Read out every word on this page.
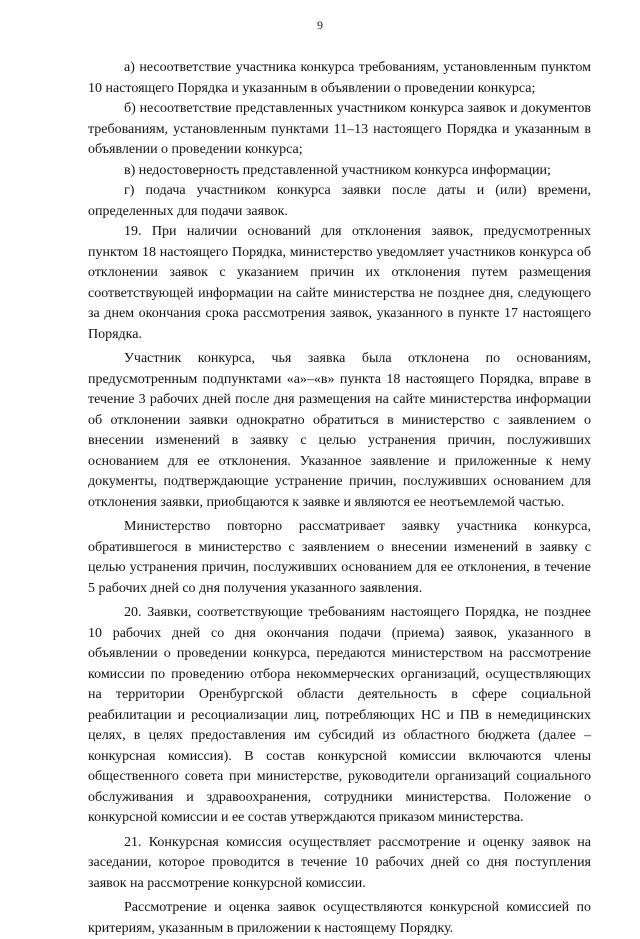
9

а) несоответствие участника конкурса требованиям, установленным пунктом 10 настоящего Порядка и указанным в объявлении о проведении конкурса;

б) несоответствие представленных участником конкурса заявок и документов требованиям, установленным пунктами 11–13 настоящего Порядка и указанным в объявлении о проведении конкурса;

в) недостоверность представленной участником конкурса информации;

г) подача участником конкурса заявки после даты и (или) времени, определенных для подачи заявок.

19. При наличии оснований для отклонения заявок, предусмотренных пунктом 18 настоящего Порядка, министерство уведомляет участников конкурса об отклонении заявок с указанием причин их отклонения путем размещения соответствующей информации на сайте министерства не позднее дня, следующего за днем окончания срока рассмотрения заявок, указанного в пункте 17 настоящего Порядка.

Участник конкурса, чья заявка была отклонена по основаниям, предусмотренным подпунктами «а»–«в» пункта 18 настоящего Порядка, вправе в течение 3 рабочих дней после дня размещения на сайте министерства информации об отклонении заявки однократно обратиться в министерство с заявлением о внесении изменений в заявку с целью устранения причин, послуживших основанием для ее отклонения. Указанное заявление и приложенные к нему документы, подтверждающие устранение причин, послуживших основанием для отклонения заявки, приобщаются к заявке и являются ее неотъемлемой частью.

Министерство повторно рассматривает заявку участника конкурса, обратившегося в министерство с заявлением о внесении изменений в заявку с целью устранения причин, послуживших основанием для ее отклонения, в течение 5 рабочих дней со дня получения указанного заявления.

20. Заявки, соответствующие требованиям настоящего Порядка, не позднее 10 рабочих дней со дня окончания подачи (приема) заявок, указанного в объявлении о проведении конкурса, передаются министерством на рассмотрение комиссии по проведению отбора некоммерческих организаций, осуществляющих на территории Оренбургской области деятельность в сфере социальной реабилитации и ресоциализации лиц, потребляющих НС и ПВ в немедицинских целях, в целях предоставления им субсидий из областного бюджета (далее – конкурсная комиссия). В состав конкурсной комиссии включаются члены общественного совета при министерстве, руководители организаций социального обслуживания и здравоохранения, сотрудники министерства. Положение о конкурсной комиссии и ее состав утверждаются приказом министерства.

21. Конкурсная комиссия осуществляет рассмотрение и оценку заявок на заседании, которое проводится в течение 10 рабочих дней со дня поступления заявок на рассмотрение конкурсной комиссии.

Рассмотрение и оценка заявок осуществляются конкурсной комиссией по критериям, указанным в приложении к настоящему Порядку.
